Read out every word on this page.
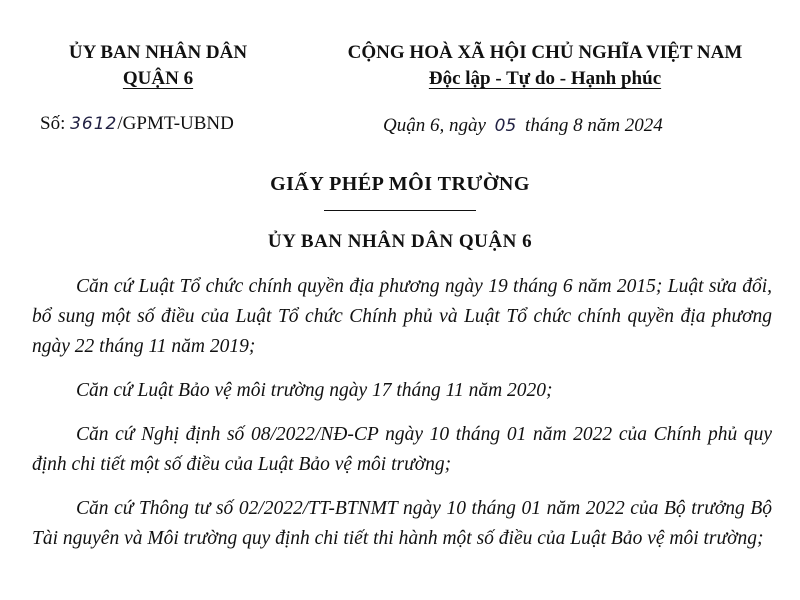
ỦY BAN NHÂN DÂN
QUẬN 6
CỘNG HOÀ XÃ HỘI CHỦ NGHĨA VIỆT NAM
Độc lập - Tự do - Hạnh phúc
Số: 3612/GPMT-UBND	Quận 6, ngày 05 tháng 8 năm 2024
GIẤY PHÉP MÔI TRƯỜNG
ỦY BAN NHÂN DÂN QUẬN 6

Căn cứ Luật Tổ chức chính quyền địa phương ngày 19 tháng 6 năm 2015; Luật sửa đổi, bổ sung một số điều của Luật Tổ chức Chính phủ và Luật Tổ chức chính quyền địa phương ngày 22 tháng 11 năm 2019;

Căn cứ Luật Bảo vệ môi trường ngày 17 tháng 11 năm 2020;

Căn cứ Nghị định số 08/2022/NĐ-CP ngày 10 tháng 01 năm 2022 của Chính phủ quy định chi tiết một số điều của Luật Bảo vệ môi trường;

Căn cứ Thông tư số 02/2022/TT-BTNMT ngày 10 tháng 01 năm 2022 của Bộ trưởng Bộ Tài nguyên và Môi trường quy định chi tiết thi hành một số điều của Luật Bảo vệ môi trường;
